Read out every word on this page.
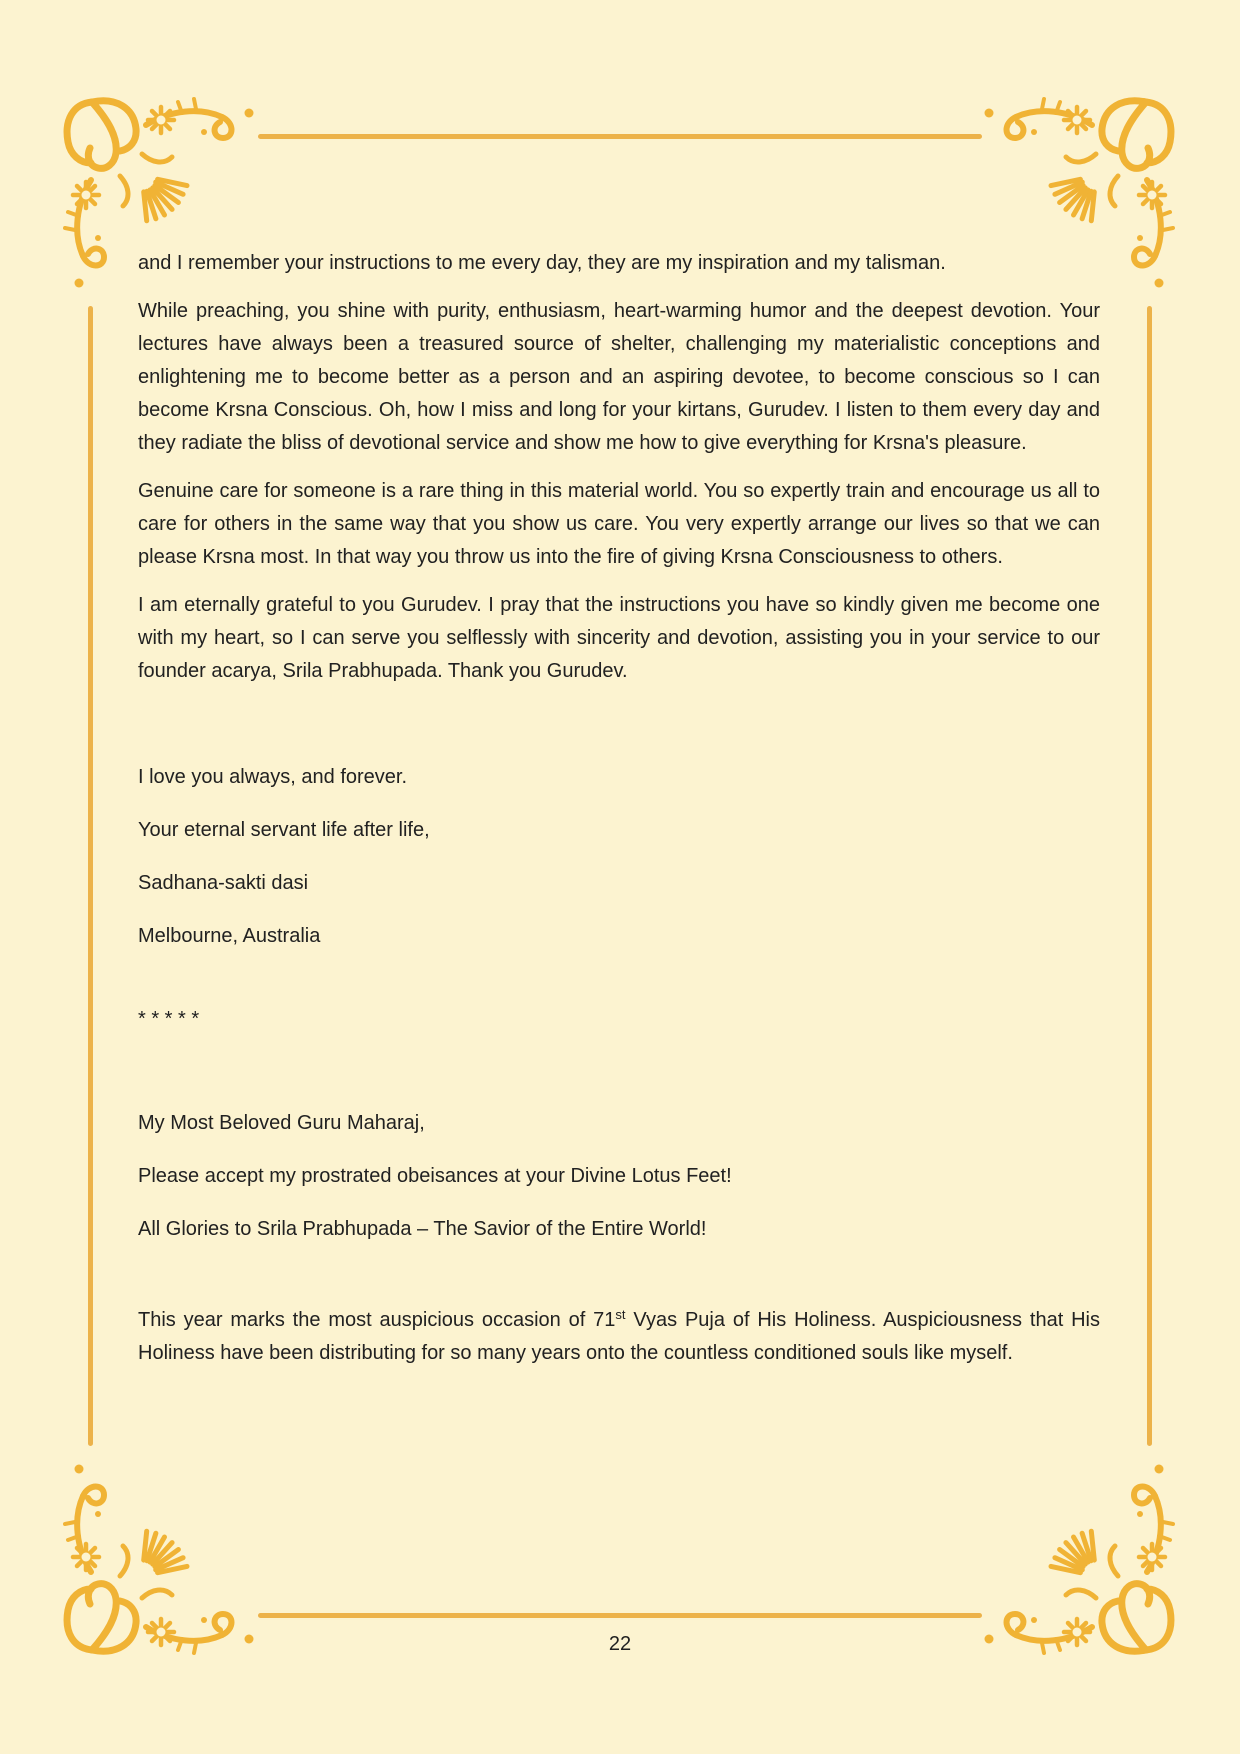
and I remember your instructions to me every day, they are my inspiration and my talisman.

While preaching, you shine with purity, enthusiasm, heart-warming humor and the deepest devotion. Your lectures have always been a treasured source of shelter, challenging my materialistic conceptions and enlightening me to become better as a person and an aspiring devotee, to become conscious so I can become Krsna Conscious. Oh, how I miss and long for your kirtans, Gurudev. I listen to them every day and they radiate the bliss of devotional service and show me how to give everything for Krsna's pleasure.

Genuine care for someone is a rare thing in this material world. You so expertly train and encourage us all to care for others in the same way that you show us care. You very expertly arrange our lives so that we can please Krsna most. In that way you throw us into the fire of giving Krsna Consciousness to others.

I am eternally grateful to you Gurudev. I pray that the instructions you have so kindly given me become one with my heart, so I can serve you selflessly with sincerity and devotion, assisting you in your service to our founder acarya, Srila Prabhupada. Thank you Gurudev.

I love you always, and forever.

Your eternal servant life after life,

Sadhana-sakti dasi

Melbourne, Australia

* * * * *

My Most Beloved Guru Maharaj,

Please accept my prostrated obeisances at your Divine Lotus Feet!

All Glories to Srila Prabhupada – The Savior of the Entire World!

This year marks the most auspicious occasion of 71st Vyas Puja of His Holiness. Auspiciousness that His Holiness have been distributing for so many years onto the countless conditioned souls like myself.

22
